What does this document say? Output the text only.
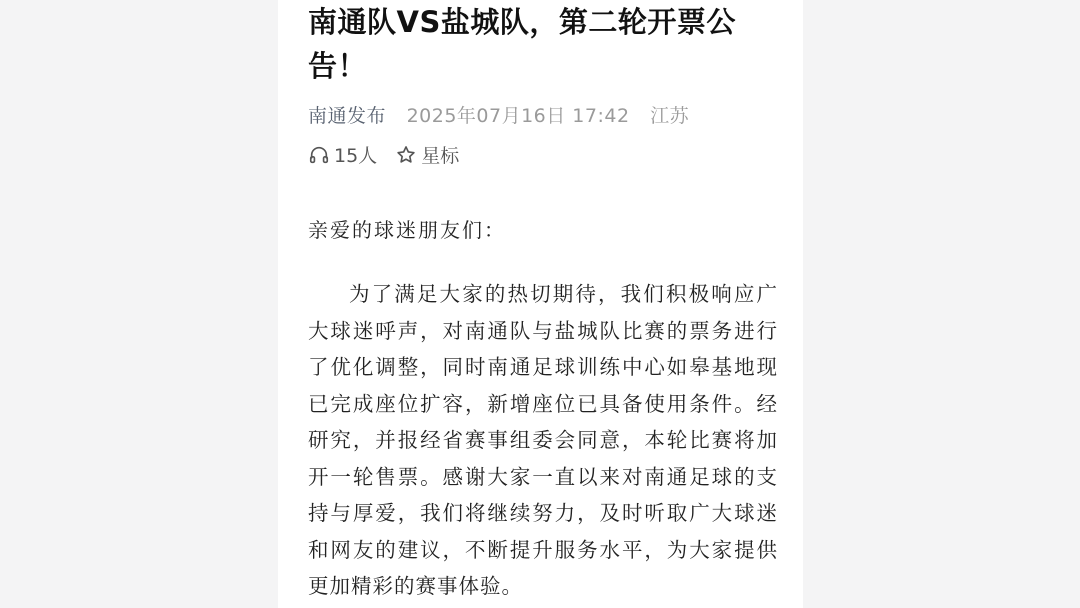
南通队VS盐城队，第二轮开票公告！
南通发布 2025年07月16日 17:42 江苏
15人 星标
亲爱的球迷朋友们：

为了满足大家的热切期待，我们积极响应广大球迷呼声，对南通队与盐城队比赛的票务进行了优化调整，同时南通足球训练中心如皋基地现已完成座位扩容，新增座位已具备使用条件。经研究，并报经省赛事组委会同意，本轮比赛将加开一轮售票。感谢大家一直以来对南通足球的支持与厚爱，我们将继续努力，及时听取广大球迷和网友的建议，不断提升服务水平，为大家提供更加精彩的赛事体验。
